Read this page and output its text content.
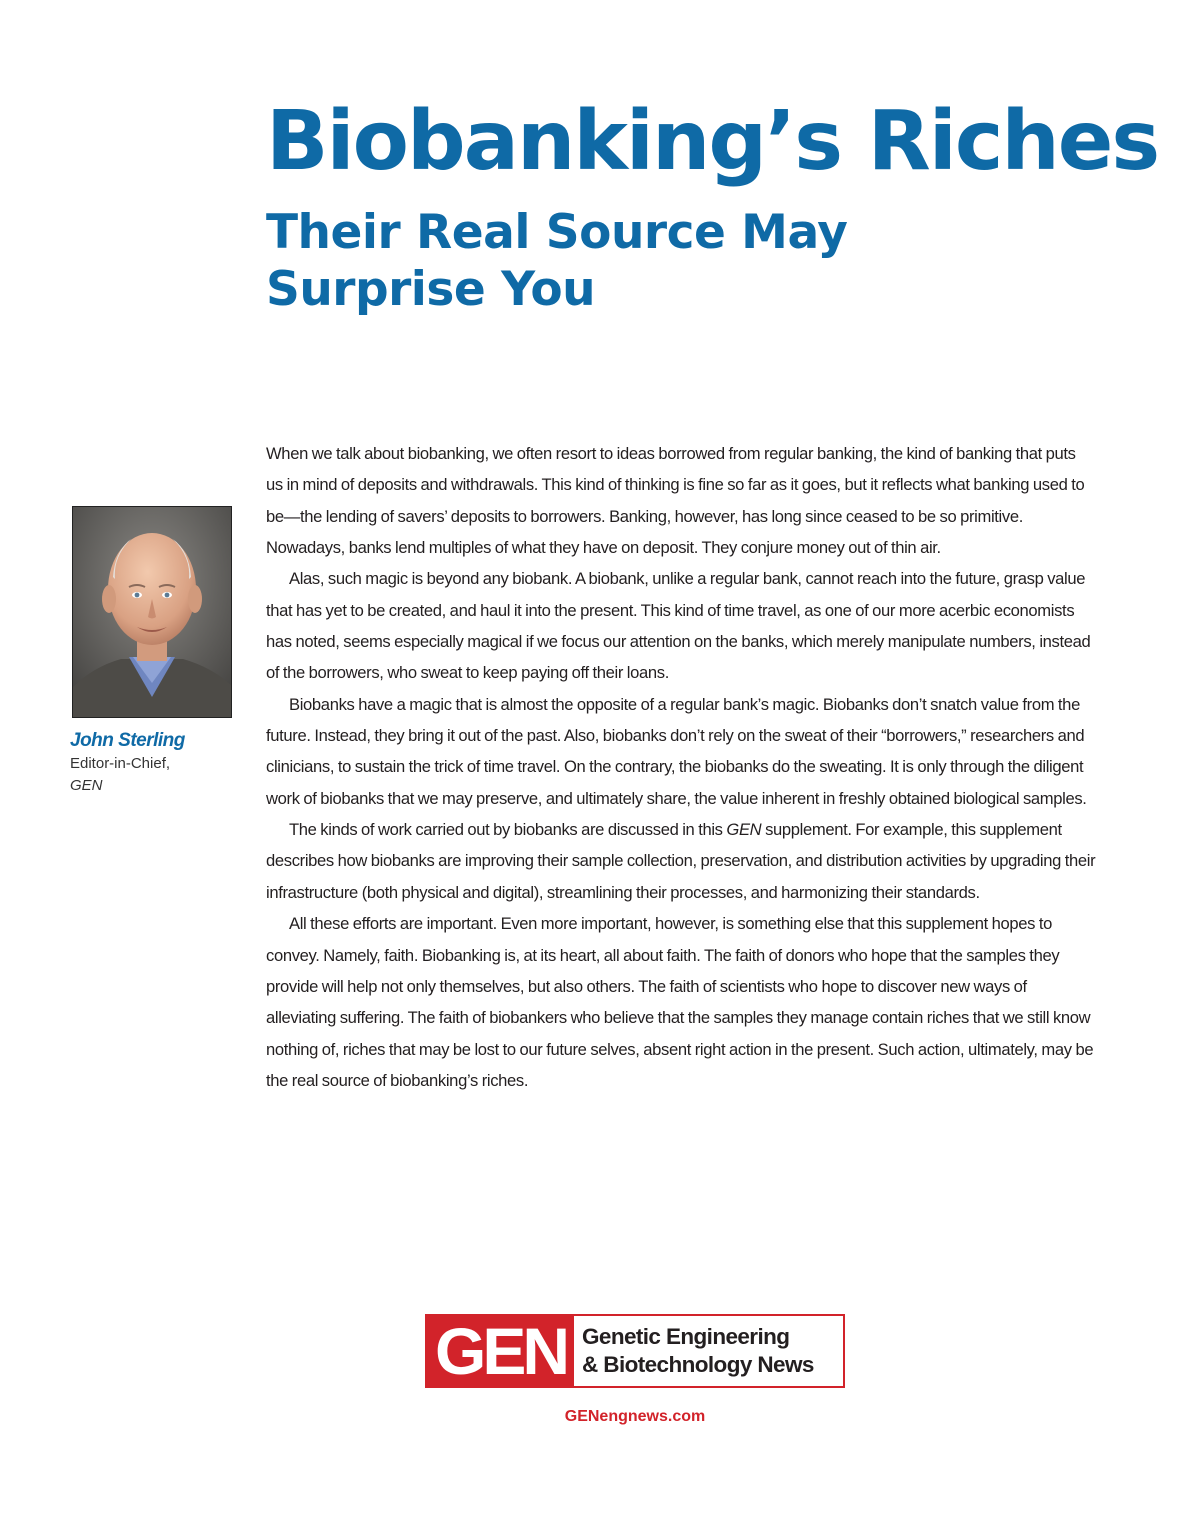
Biobanking’s Riches
Their Real Source May
Surprise You
John Sterling
Editor-in-Chief,
GEN

When we talk about biobanking, we often resort to ideas borrowed from regular banking, the kind of banking that puts us in mind of deposits and withdrawals. This kind of thinking is fine so far as it goes, but it reflects what banking used to be—the lending of savers’ deposits to borrowers. Banking, however, has long since ceased to be so primitive. Nowadays, banks lend multiples of what they have on deposit. They conjure money out of thin air.

Alas, such magic is beyond any biobank. A biobank, unlike a regular bank, cannot reach into the future, grasp value that has yet to be created, and haul it into the present. This kind of time travel, as one of our more acerbic economists has noted, seems especially magical if we focus our attention on the banks, which merely manipulate numbers, instead of the borrowers, who sweat to keep paying off their loans.

Biobanks have a magic that is almost the opposite of a regular bank’s magic. Biobanks don’t snatch value from the future. Instead, they bring it out of the past. Also, biobanks don’t rely on the sweat of their “borrowers,” researchers and clinicians, to sustain the trick of time travel. On the contrary, the biobanks do the sweating. It is only through the diligent work of biobanks that we may preserve, and ultimately share, the value inherent in freshly obtained biological samples.

The kinds of work carried out by biobanks are discussed in this GEN supplement. For example, this supplement describes how biobanks are improving their sample collection, preservation, and distribution activities by upgrading their infrastructure (both physical and digital), streamlining their processes, and harmonizing their standards.

All these efforts are important. Even more important, however, is something else that this supplement hopes to convey. Namely, faith. Biobanking is, at its heart, all about faith. The faith of donors who hope that the samples they provide will help not only themselves, but also others. The faith of scientists who hope to discover new ways of alleviating suffering. The faith of biobankers who believe that the samples they manage contain riches that we still know nothing of, riches that may be lost to our future selves, absent right action in the present. Such action, ultimately, may be the real source of biobanking’s riches.

GEN Genetic Engineering
& Biotechnology News
GENengnews.com
